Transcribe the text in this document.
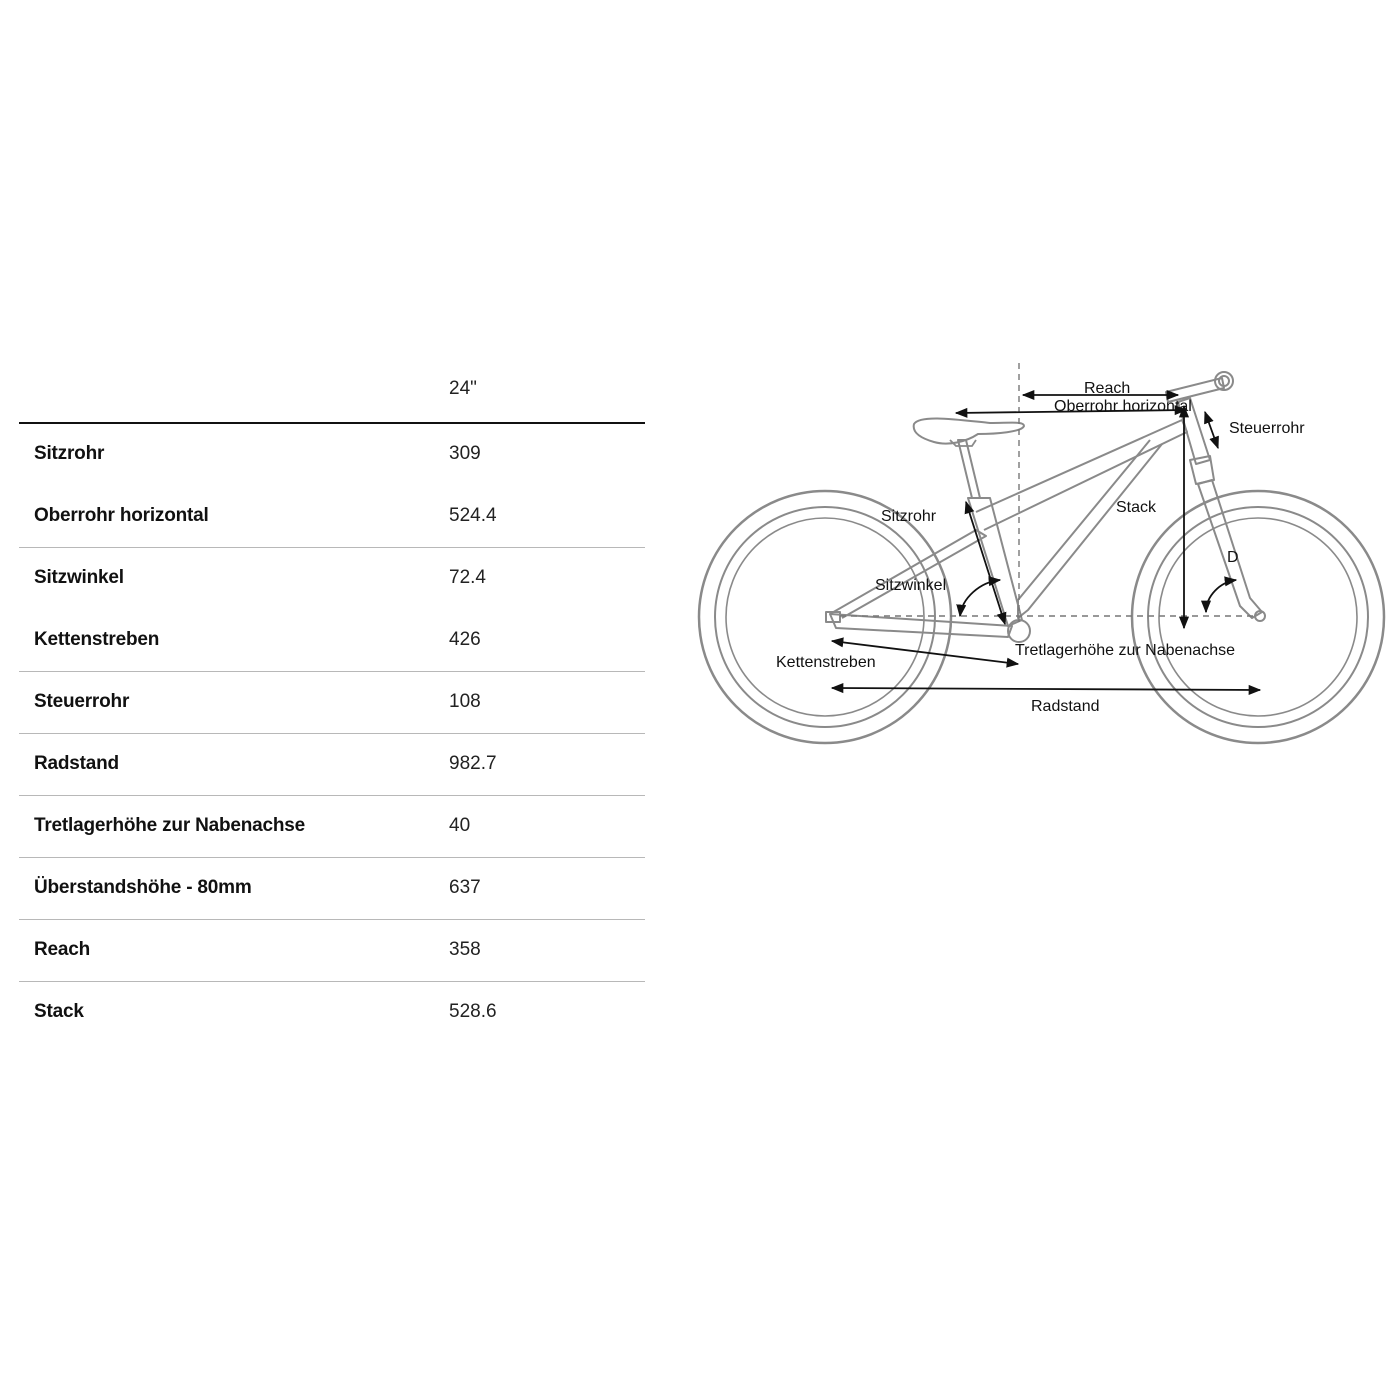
24"
Sitzrohr	309
Oberrohr horizontal	524.4
Sitzwinkel	72.4
Kettenstreben	426
Steuerrohr	108
Radstand	982.7
Tretlagerhöhe zur Nabenachse	40
Überstandshöhe - 80mm	637
Reach	358
Stack	528.6
Reach
Oberrohr horizontal
Steuerrohr
Stack
Sitzrohr
Sitzwinkel
D
Tretlagerhöhe zur Nabenachse
Kettenstreben
Radstand
